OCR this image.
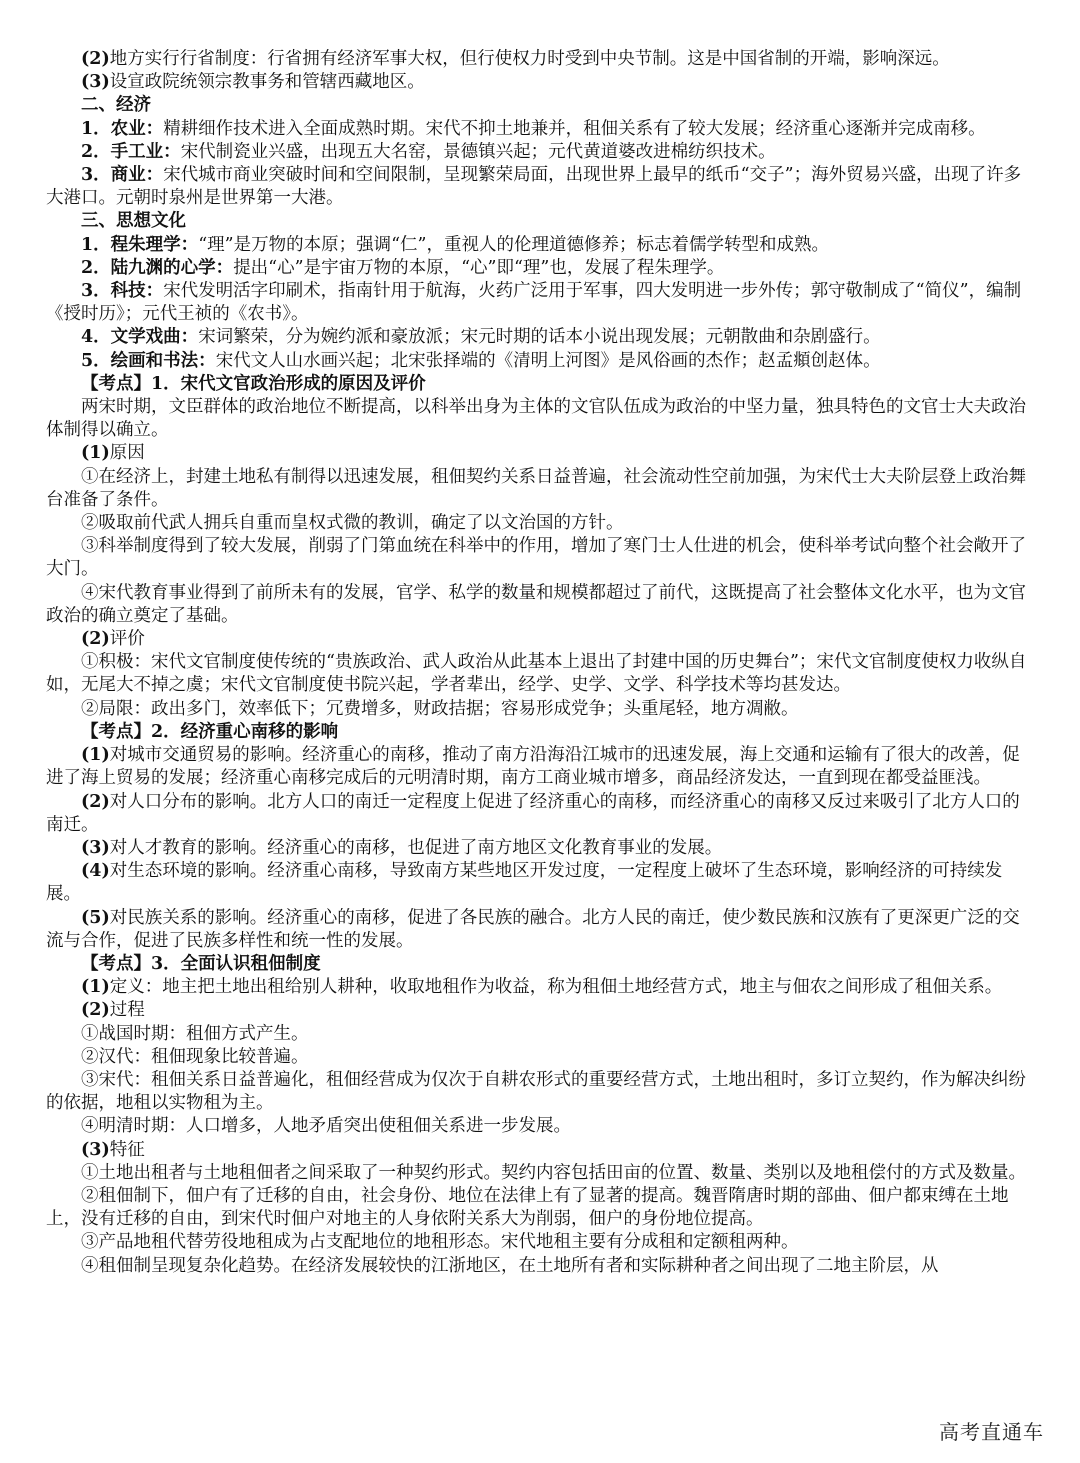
(2)地方实行行省制度：行省拥有经济军事大权，但行使权力时受到中央节制。这是中国省制的开端，影响深远。

(3)设宣政院统领宗教事务和管辖西藏地区。

二、经济

1．农业：精耕细作技术进入全面成熟时期。宋代不抑土地兼并，租佃关系有了较大发展；经济重心逐渐并完成南移。

2．手工业：宋代制瓷业兴盛，出现五大名窑，景德镇兴起；元代黄道婆改进棉纺织技术。

3．商业：宋代城市商业突破时间和空间限制，呈现繁荣局面，出现世界上最早的纸币“交子”；海外贸易兴盛，出现了许多大港口。元朝时泉州是世界第一大港。

三、思想文化

1．程朱理学：“理”是万物的本原；强调“仁”，重视人的伦理道德修养；标志着儒学转型和成熟。

2．陆九渊的心学：提出“心”是宇宙万物的本原，“心”即“理”也，发展了程朱理学。

3．科技：宋代发明活字印刷术，指南针用于航海，火药广泛用于军事，四大发明进一步外传；郭守敬制成了“简仪”，编制《授时历》；元代王祯的《农书》。

4．文学戏曲：宋词繁荣，分为婉约派和豪放派；宋元时期的话本小说出现发展；元朝散曲和杂剧盛行。

5．绘画和书法：宋代文人山水画兴起；北宋张择端的《清明上河图》是风俗画的杰作；赵孟頫创赵体。

【考点】1．宋代文官政治形成的原因及评价

两宋时期，文臣群体的政治地位不断提高，以科举出身为主体的文官队伍成为政治的中坚力量，独具特色的文官士大夫政治体制得以确立。

(1)原因

①在经济上，封建土地私有制得以迅速发展，租佃契约关系日益普遍，社会流动性空前加强，为宋代士大夫阶层登上政治舞台准备了条件。

②吸取前代武人拥兵自重而皇权式微的教训，确定了以文治国的方针。

③科举制度得到了较大发展，削弱了门第血统在科举中的作用，增加了寒门士人仕进的机会，使科举考试向整个社会敞开了大门。

④宋代教育事业得到了前所未有的发展，官学、私学的数量和规模都超过了前代，这既提高了社会整体文化水平，也为文官政治的确立奠定了基础。

(2)评价

①积极：宋代文官制度使传统的“贵族政治、武人政治从此基本上退出了封建中国的历史舞台”；宋代文官制度使权力收纵自如，无尾大不掉之虞；宋代文官制度使书院兴起，学者辈出，经学、史学、文学、科学技术等均甚发达。

②局限：政出多门，效率低下；冗费增多，财政拮据；容易形成党争；头重尾轻，地方凋敝。

【考点】2．经济重心南移的影响

(1)对城市交通贸易的影响。经济重心的南移，推动了南方沿海沿江城市的迅速发展，海上交通和运输有了很大的改善，促进了海上贸易的发展；经济重心南移完成后的元明清时期，南方工商业城市增多，商品经济发达，一直到现在都受益匪浅。

(2)对人口分布的影响。北方人口的南迁一定程度上促进了经济重心的南移，而经济重心的南移又反过来吸引了北方人口的南迁。

(3)对人才教育的影响。经济重心的南移，也促进了南方地区文化教育事业的发展。

(4)对生态环境的影响。经济重心南移，导致南方某些地区开发过度，一定程度上破坏了生态环境，影响经济的可持续发展。

(5)对民族关系的影响。经济重心的南移，促进了各民族的融合。北方人民的南迁，使少数民族和汉族有了更深更广泛的交流与合作，促进了民族多样性和统一性的发展。

【考点】3．全面认识租佃制度

(1)定义：地主把土地出租给别人耕种，收取地租作为收益，称为租佃土地经营方式，地主与佃农之间形成了租佃关系。

(2)过程

①战国时期：租佃方式产生。

②汉代：租佃现象比较普遍。

③宋代：租佃关系日益普遍化，租佃经营成为仅次于自耕农形式的重要经营方式，土地出租时，多订立契约，作为解决纠纷的依据，地租以实物租为主。

④明清时期：人口增多，人地矛盾突出使租佃关系进一步发展。

(3)特征

①土地出租者与土地租佃者之间采取了一种契约形式。契约内容包括田亩的位置、数量、类别以及地租偿付的方式及数量。

②租佃制下，佃户有了迁移的自由，社会身份、地位在法律上有了显著的提高。魏晋隋唐时期的部曲、佃户都束缚在土地上，没有迁移的自由，到宋代时佃户对地主的人身依附关系大为削弱，佃户的身份地位提高。

③产品地租代替劳役地租成为占支配地位的地租形态。宋代地租主要有分成租和定额租两种。

④租佃制呈现复杂化趋势。在经济发展较快的江浙地区，在土地所有者和实际耕种者之间出现了二地主阶层，从

高考直通车
